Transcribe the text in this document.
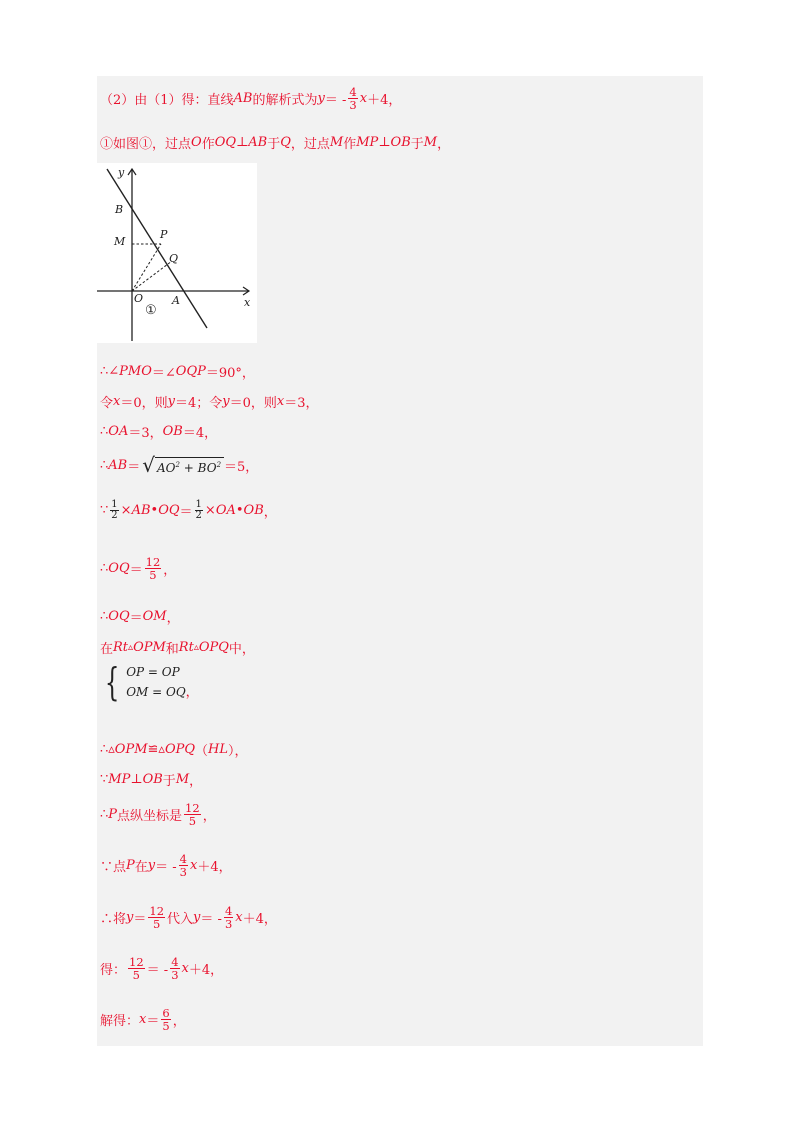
（2）由（1）得：直线 AB 的解析式为 y ＝ - $\frac{4}{3}$ x ＋4，
①如图①，过点 O 作 OQ ⊥ AB 于 Q ，过点 M 作 MP ⊥ OB 于 M ，
y
x
B
M
P
Q
O	A
①
∴∠ PMO ＝∠ OQP ＝90°，
令 x ＝0，则 y ＝4；令 y ＝0，则 x ＝3，
∴ OA ＝3， OB ＝4，
∴ AB ＝ √ $AO^2 + BO^2 =5$，
∵ $\frac{1}{2}$ × AB • OQ ＝ $\frac{1}{2}$ × OA • OB ，
∴ OQ ＝ $\frac{12}{5}$ ，
∴ OQ ＝ OM ，
在 Rt ▵ OPM 和 Rt ▵ OPQ 中，
{ OP = OP
OM = OQ ，
∴▵ OPM ≌▵ OPQ （ HL ），
∵ MP ⊥ OB 于 M ，
∴ P 点纵坐标是 $\frac{12}{5}$ ，
∵点 P 在 y ＝ - $\frac{4}{3}$ x ＋4，
∴将 $y = \frac{12}{5}$ 代入 y ＝ - $\frac{4}{3}$ x ＋4，
得： $\frac{12}{5}$ ＝ - $\frac{4}{3}$ x ＋4，
解得： $x = \frac{6}{5}$ ，
